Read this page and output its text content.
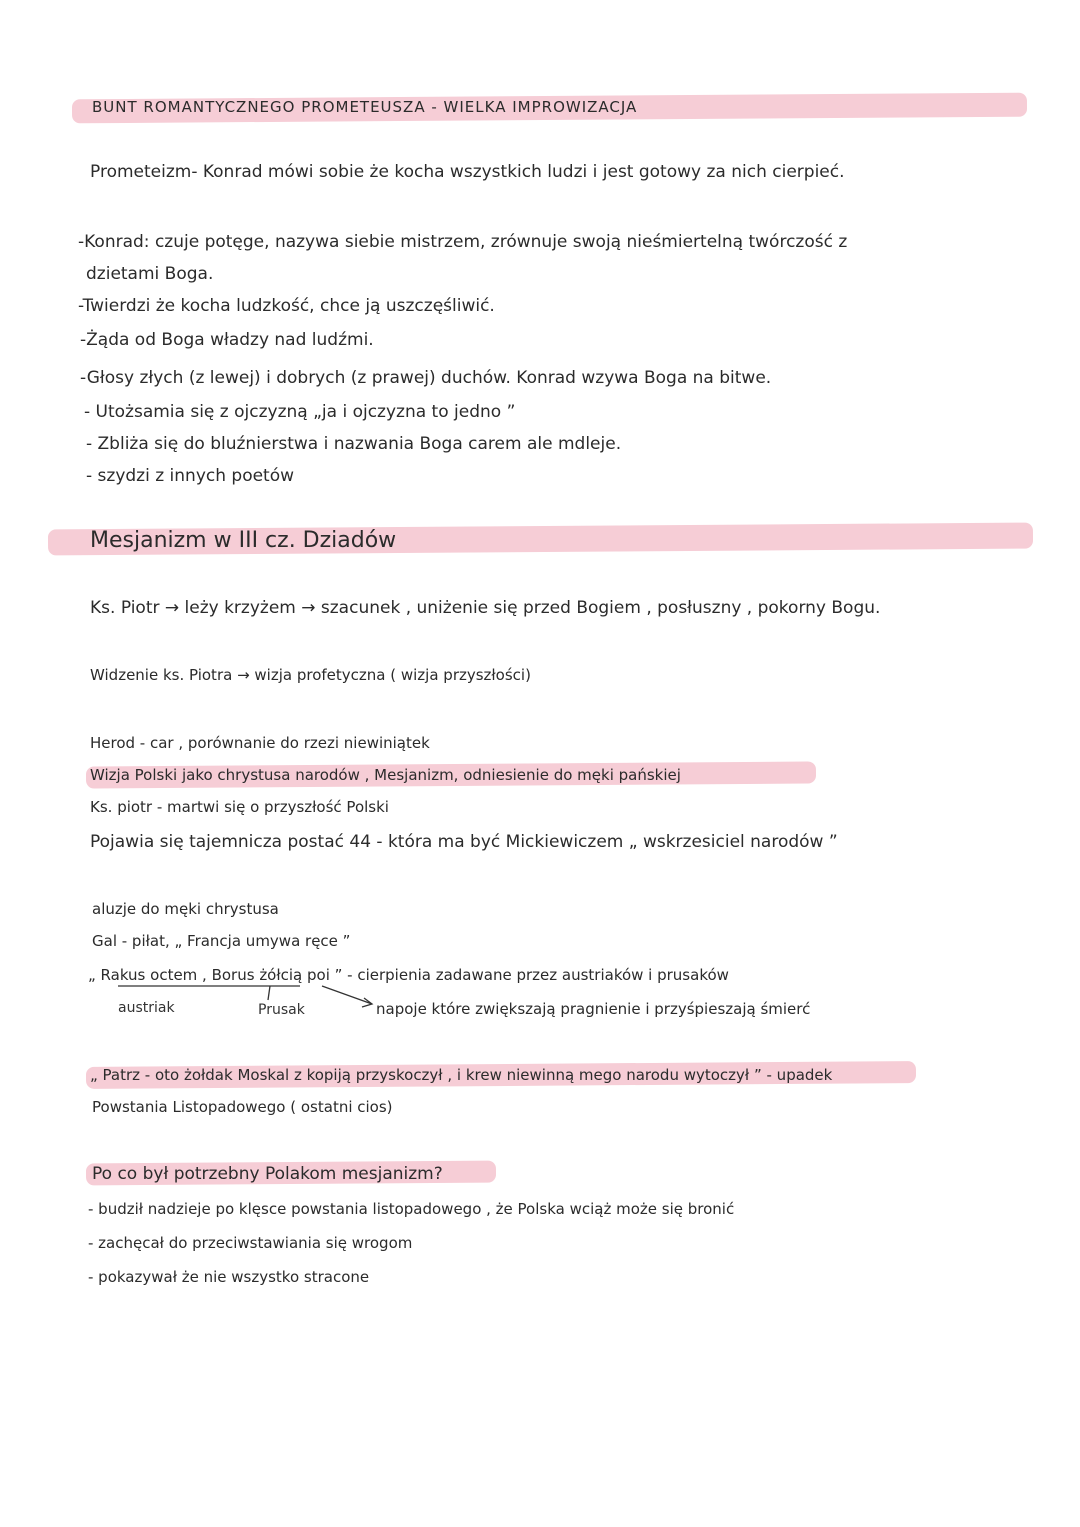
BUNT ROMANTYCZNEGO PROMETEUSZA - WIELKA IMPROWIZACJA
Prometeizm- Konrad mówi sobie że kocha wszystkich ludzi i jest gotowy za nich cierpieć.
-Konrad: czuje potęge, nazywa siebie mistrzem, zrównuje swoją nieśmiertelną twórczość z
dzietami Boga.
-Twierdzi że kocha ludzkość, chce ją uszczęśliwić.
-Żąda od Boga władzy nad ludźmi.
-Głosy złych (z lewej) i dobrych (z prawej) duchów. Konrad wzywa Boga na bitwe.
- Utożsamia się z ojczyzną „ja i ojczyzna to jedno ”
- Zbliża się do bluźnierstwa i nazwania Boga carem ale mdleje.
- szydzi z innych poetów
Mesjanizm w III cz. Dziadów
Ks. Piotr → leży krzyżem → szacunek , uniżenie się przed Bogiem , posłuszny , pokorny Bogu.
Widzenie ks. Piotra → wizja profetyczna ( wizja przyszłości)
Herod - car , porównanie do rzezi niewiniątek
Wizja Polski jako chrystusa narodów , Mesjanizm, odniesienie do męki pańskiej
Ks. piotr - martwi się o przyszłość Polski
Pojawia się tajemnicza postać 44 - która ma być Mickiewiczem „ wskrzesiciel narodów ”
aluzje do męki chrystusa
Gal - piłat, „ Francja umywa ręce ”
„ Rakus octem , Borus żółcią poi ” - cierpienia zadawane przez austriaków i prusaków
austriak	Prusak	napoje które zwiększają pragnienie i przyśpieszają śmierć
„ Patrz - oto żołdak Moskal z kopiją przyskoczył , i krew niewinną mego narodu wytoczył ” - upadek
Powstania Listopadowego ( ostatni cios)
Po co był potrzebny Polakom mesjanizm?
- budził nadzieje po klęsce powstania listopadowego , że Polska wciąż może się bronić
- zachęcał do przeciwstawiania się wrogom
- pokazywał że nie wszystko stracone
